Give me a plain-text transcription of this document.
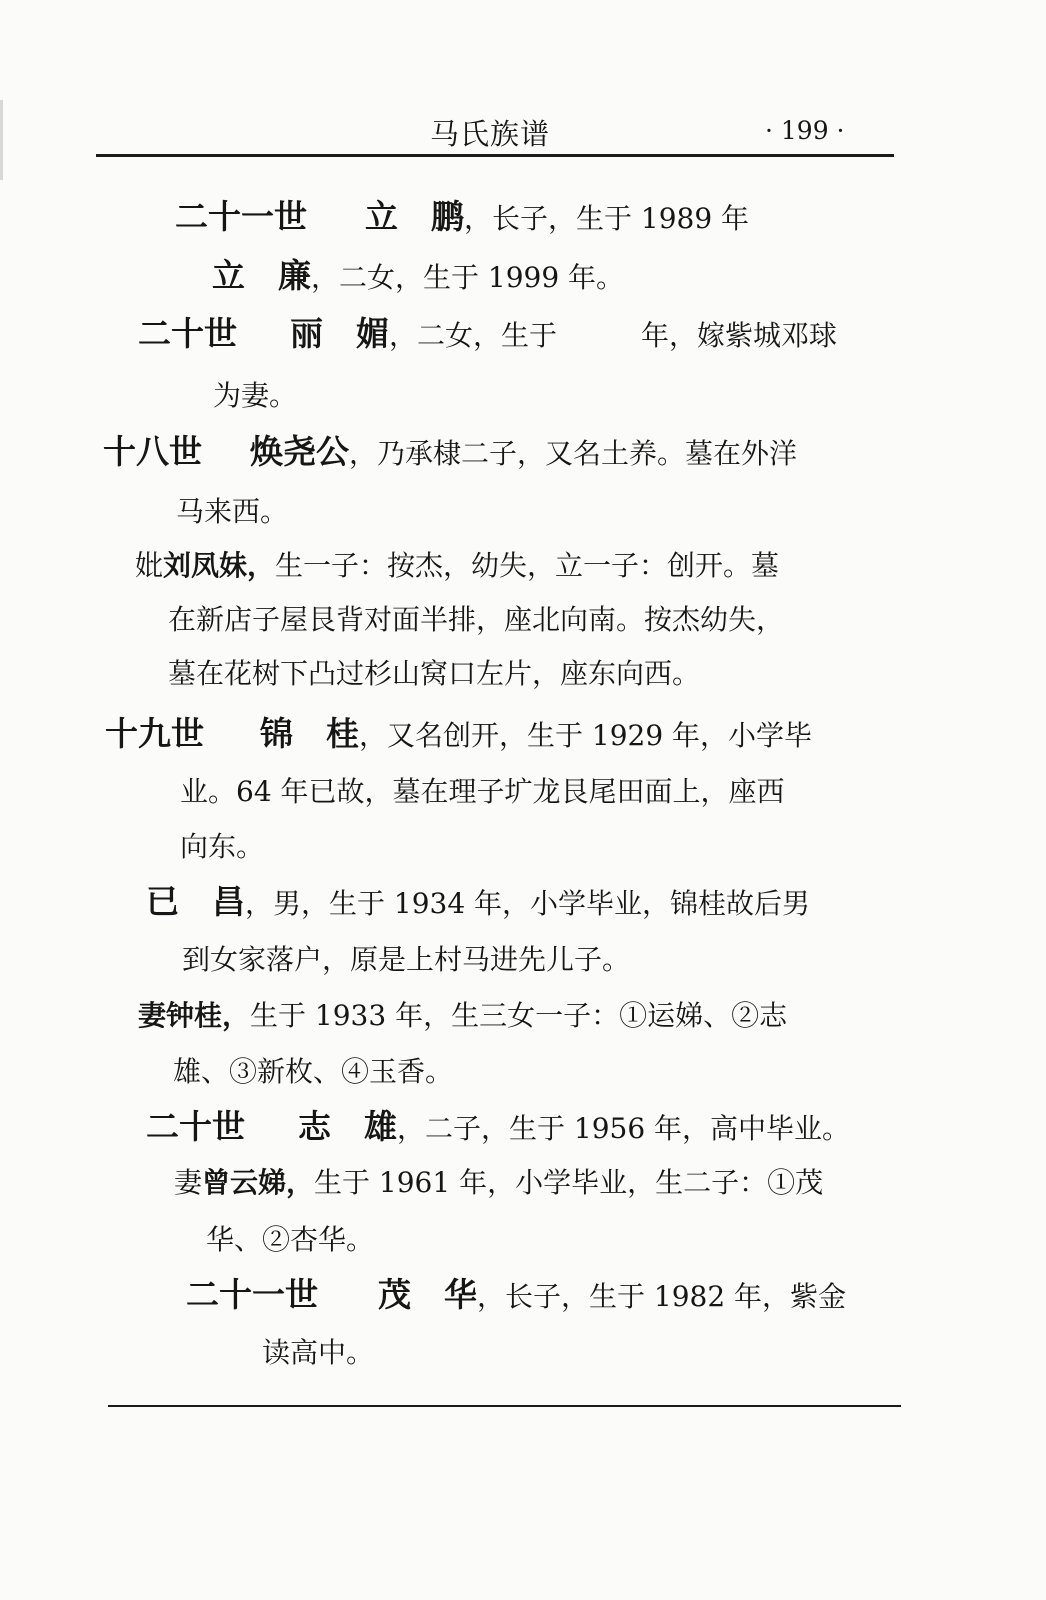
马氏族谱	· 199 ·
二十一世 立　鹏，长子，生于 1989 年
立　廉，二女，生于 1999 年。
二十世 丽　媚，二女，生于　　　年，嫁紫城邓球
为妻。
十八世 焕尧公，乃承棣二子，又名土养。墓在外洋
马来西。
妣刘凤妹，生一子：按杰，幼失，立一子：创开。墓
在新店子屋艮背对面半排，座北向南。按杰幼失，
墓在花树下凸过杉山窝口左片，座东向西。
十九世 锦　桂，又名创开，生于 1929 年，小学毕
业。64 年已故，墓在理子圹龙艮尾田面上，座西
向东。
已　昌，男，生于 1934 年，小学毕业，锦桂故后男
到女家落户，原是上村马进先儿子。
妻钟桂，生于 1933 年，生三女一子：①运娣、②志
雄、③新枚、④玉香。
二十世 志　雄，二子，生于 1956 年，高中毕业。
妻曾云娣，生于 1961 年，小学毕业，生二子：①茂
华、②杏华。
二十一世 茂　华，长子，生于 1982 年，紫金
读高中。
